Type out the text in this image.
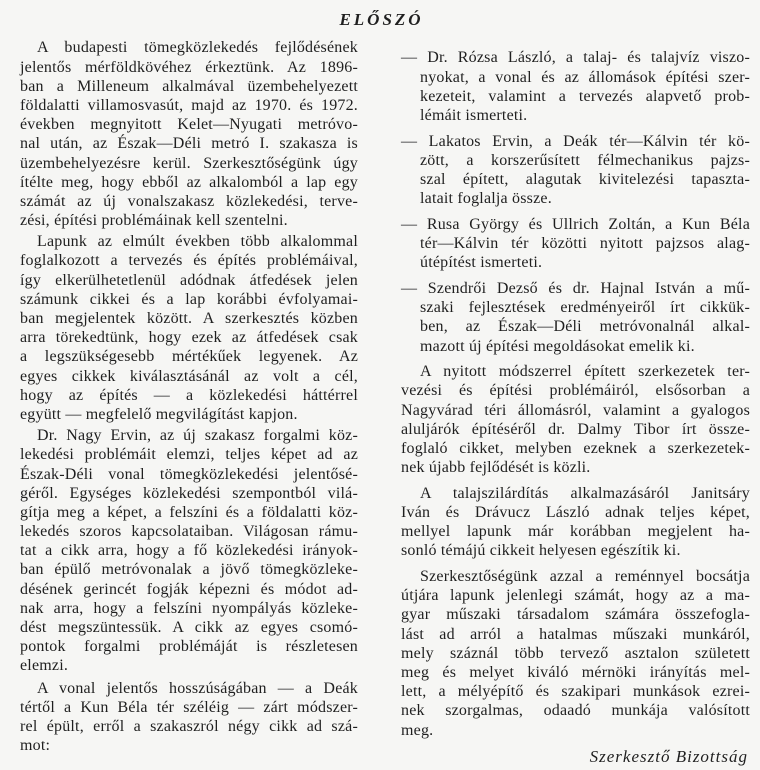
ELŐSZÓ
A budapesti tömegközlekedés fejlődésének
jelentős mérföldkövéhez érkeztünk. Az 1896-
ban a Milleneum alkalmával üzembehelyezett
földalatti villamosvasút, majd az 1970. és 1972.
években megnyitott Kelet—Nyugati metróvo-
nal után, az Észak—Déli metró I. szakasza is
üzembehelyezésre kerül. Szerkesztőségünk úgy
ítélte meg, hogy ebből az alkalomból a lap egy
számát az új vonalszakasz közlekedési, terve-
zési, építési problémáinak kell szentelni.
Lapunk az elmúlt években több alkalommal
foglalkozott a tervezés és építés problémáival,
így elkerülhetetlenül adódnak átfedések jelen
számunk cikkei és a lap korábbi évfolyamai-
ban megjelentek között. A szerkesztés közben
arra törekedtünk, hogy ezek az átfedések csak
a legszükségesebb mértékűek legyenek. Az
egyes cikkek kiválasztásánál az volt a cél,
hogy az építés — a közlekedési háttérrel
együtt — megfelelő megvilágítást kapjon.
Dr. Nagy Ervin, az új szakasz forgalmi köz-
lekedési problémáit elemzi, teljes képet ad az
Észak-Déli vonal tömegközlekedési jelentősé-
géről. Egységes közlekedési szempontból vilá-
gítja meg a képet, a felszíni és a földalatti köz-
lekedés szoros kapcsolataiban. Világosan rámu-
tat a cikk arra, hogy a fő közlekedési irányok-
ban épülő metróvonalak a jövő tömegközleke-
désének gerincét fogják képezni és módot ad-
nak arra, hogy a felszíni nyompályás közleke-
dést megszüntessük. A cikk az egyes csomó-
pontok forgalmi problémáját is részletesen
elemzi.
A vonal jelentős hosszúságában — a Deák
tértől a Kun Béla tér széléig — zárt módszer-
rel épült, erről a szakaszról négy cikk ad szá-
mot:
— Dr. Rózsa László, a talaj- és talajvíz viszo-
nyokat, a vonal és az állomások építési szer-
kezeteit, valamint a tervezés alapvető prob-
lémáit ismerteti.
— Lakatos Ervin, a Deák tér—Kálvin tér kö-
zött, a korszerűsített félmechanikus pajzs-
szal épített, alagutak kivitelezési tapaszta-
latait foglalja össze.
— Rusa György és Ullrich Zoltán, a Kun Béla
tér—Kálvin tér közötti nyitott pajzsos alag-
útépítést ismerteti.
— Szendrői Dezső és dr. Hajnal István a mű-
szaki fejlesztések eredményeiről írt cikkük-
ben, az Észak—Déli metróvonalnál alkal-
mazott új építési megoldásokat emelik ki.
A nyitott módszerrel épített szerkezetek ter-
vezési és építési problémáiról, elsősorban a
Nagyvárad téri állomásról, valamint a gyalogos
aluljárók építéséről dr. Dalmy Tibor írt össze-
foglaló cikket, melyben ezeknek a szerkezetek-
nek újabb fejlődését is közli.
A talajszilárdítás alkalmazásáról Janitsáry
Iván és Drávucz László adnak teljes képet,
mellyel lapunk már korábban megjelent ha-
sonló témájú cikkeit helyesen egészítik ki.
Szerkesztőségünk azzal a reménnyel bocsátja
útjára lapunk jelenlegi számát, hogy az a ma-
gyar műszaki társadalom számára összefogla-
lást ad arról a hatalmas műszaki munkáról,
mely száznál több tervező asztalon született
meg és melyet kiváló mérnöki irányítás mel-
lett, a mélyépítő és szakipari munkások ezrei-
nek szorgalmas, odaadó munkája valósított
meg.
Szerkesztő Bizottság
